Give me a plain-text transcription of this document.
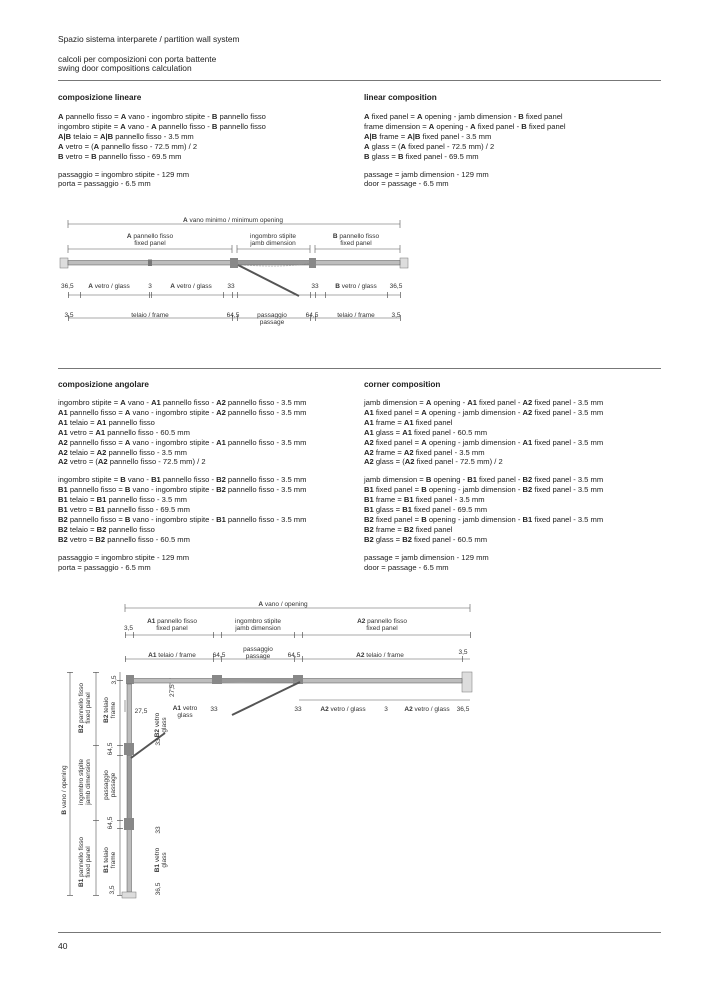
Spazio sistema interparete / partition wall system
calcoli per composizioni con porta battente
swing door compositions calculation
composizione lineare	linear composition
A pannello fisso = A vano - ingombro stipite - B pannello fisso
ingombro stipite = A vano - A pannello fisso - B pannello fisso
A|B telaio = A|B pannello fisso - 3.5 mm
A vetro = (A pannello fisso - 72.5 mm) / 2
B vetro = B pannello fisso - 69.5 mm
passaggio = ingombro stipite - 129 mm
porta = passaggio - 6.5 mm
A fixed panel = A opening - jamb dimension - B fixed panel
frame dimension = A opening - A fixed panel - B fixed panel
A|B frame = A|B fixed panel - 3.5 mm
A glass = (A fixed panel - 72.5 mm) / 2
B glass = B fixed panel - 69.5 mm
passage = jamb dimension - 129 mm
door = passage - 6.5 mm
A vano minimo / minimum opening
A pannello fisso
fixed panel
ingombro stipite
jamb dimension
B pannello fisso
fixed panel
36,5 A vetro / glass	3	A vetro / glass 33	33	B vetro / glass 36,5
3,5	telaio / frame	64,5	passaggio
passage
64,5	telaio / frame	3,5
composizione angolare	corner composition
ingombro stipite = A vano - A1 pannello fisso - A2 pannello fisso - 3.5 mm
A1 pannello fisso = A vano - ingombro stipite - A2 pannello fisso - 3.5 mm
A1 telaio = A1 pannello fisso
A1 vetro = A1 pannello fisso - 60.5 mm
A2 pannello fisso = A vano - ingombro stipite - A1 pannello fisso - 3.5 mm
A2 telaio = A2 pannello fisso - 3.5 mm
A2 vetro = (A2 pannello fisso - 72.5 mm) / 2
ingombro stipite = B vano - B1 pannello fisso - B2 pannello fisso - 3.5 mm
B1 pannello fisso = B vano - ingombro stipite - B2 pannello fisso - 3.5 mm
B1 telaio = B1 pannello fisso - 3.5 mm
B1 vetro = B1 pannello fisso - 69.5 mm
B2 pannello fisso = B vano - ingombro stipite - B1 pannello fisso - 3.5 mm
B2 telaio = B2 pannello fisso
B2 vetro = B2 pannello fisso - 60.5 mm
passaggio = ingombro stipite - 129 mm
porta = passaggio - 6.5 mm
jamb dimension = A opening - A1 fixed panel - A2 fixed panel - 3.5 mm
A1 fixed panel = A opening - jamb dimension - A2 fixed panel - 3.5 mm
A1 frame = A1 fixed panel
A1 glass = A1 fixed panel - 60.5 mm
A2 fixed panel = A opening - jamb dimension - A1 fixed panel - 3.5 mm
A2 frame = A2 fixed panel - 3.5 mm
A2 glass = (A2 fixed panel - 72.5 mm) / 2
jamb dimension = B opening - B1 fixed panel - B2 fixed panel - 3.5 mm
B1 fixed panel = B opening - jamb dimension - B2 fixed panel - 3.5 mm
B1 frame = B1 fixed panel - 3.5 mm
B1 glass = B1 fixed panel - 69.5 mm
B2 fixed panel = B opening - jamb dimension - B1 fixed panel - 3.5 mm
B2 frame = B2 fixed panel
B2 glass = B2 fixed panel - 60.5 mm
passage = jamb dimension - 129 mm
door = passage - 6.5 mm
A vano / opening
3,5
A1 pannello fisso
fixed panel
ingombro stipite
jamb dimension
A2 pannello fisso
fixed panel
A1 telaio / frame	64,5
passaggio
passage	64,5	A2 telaio / frame	3,5
27,5
27,5	A1 vetro
glass
33	33	A2 vetro / glass	3	A2 vetro / glass 36,5
B vano / opening
B2 pannello fisso fixed panel
ingombro stipite jamb dimension
B1 pannello fisso fixed panel
3,5
B2 telaio frame
64,5
passaggio passage
64,5
B1 telaio frame
3,5
B2 vetro glass
33
33
B1 vetro glass
36,5
40
